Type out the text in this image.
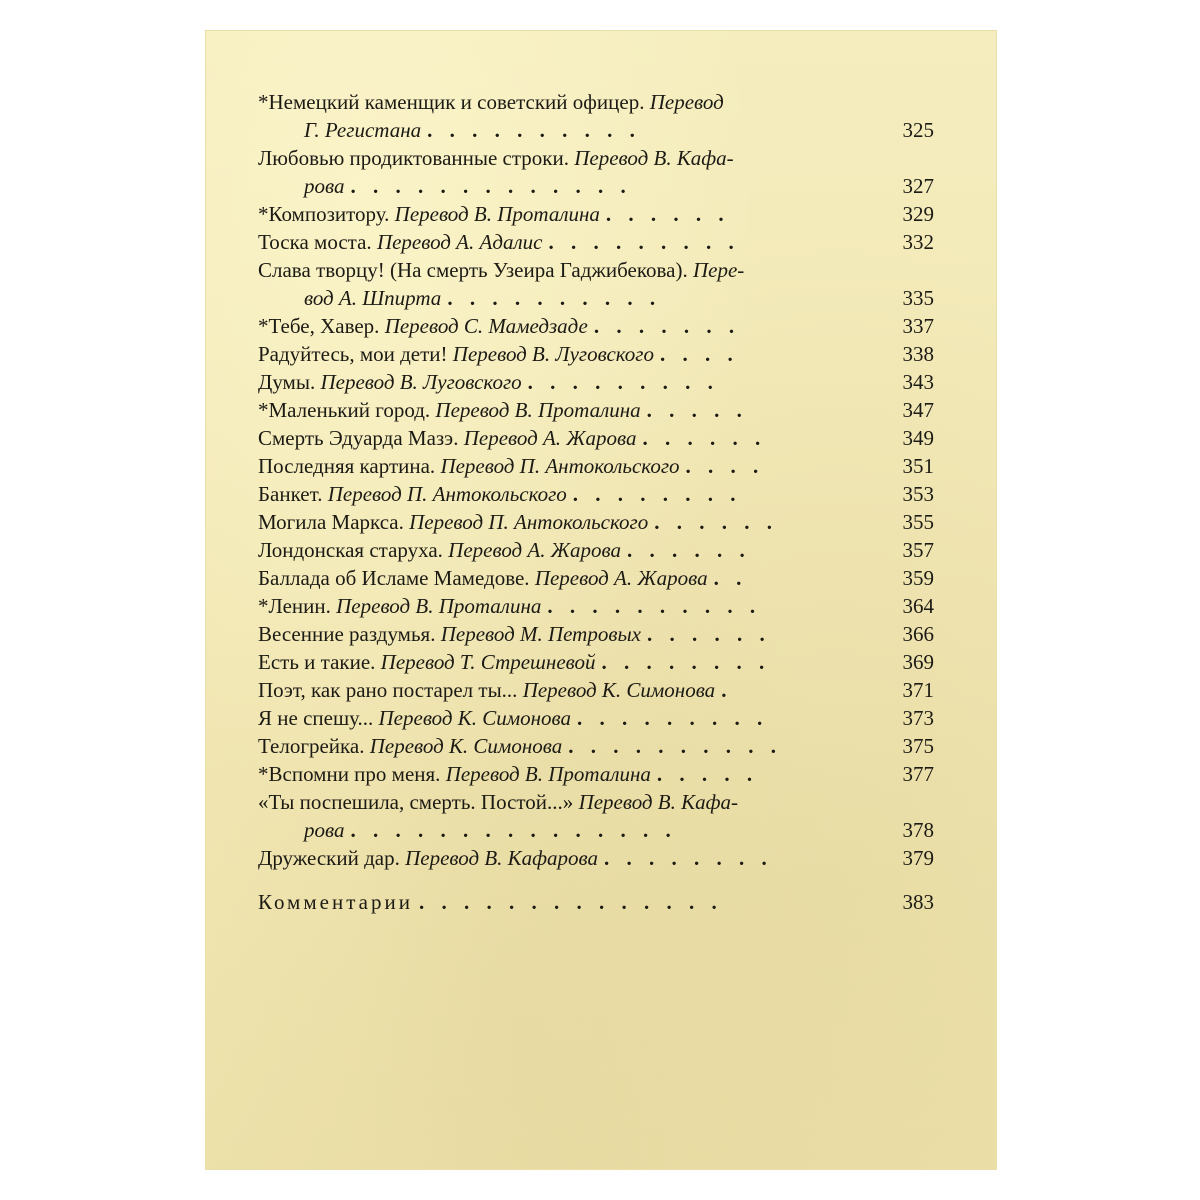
*Немецкий каменщик и советский офицер. Перевод
Г. Регистана . . . . . . . . . .	325
Любовью продиктованные строки. Перевод В. Кафа-
рова . . . . . . . . . . . . .	327
*Композитору. Перевод В. Проталина . . . . . .	329
Тоска моста. Перевод А. Адалис . . . . . . . . .	332
Слава творцу! (На смерть Узеира Гаджибекова). Пере-
вод А. Шпирта . . . . . . . . . .	335
*Тебе, Хавер. Перевод С. Мамедзаде . . . . . . .	337
Радуйтесь, мои дети! Перевод В. Луговского . . . .	338
Думы. Перевод В. Луговского . . . . . . . . .	343
*Маленький город. Перевод В. Проталина . . . . .	347
Смерть Эдуарда Мазэ. Перевод А. Жарова . . . . . .	349
Последняя картина. Перевод П. Антокольского . . . .	351
Банкет. Перевод П. Антокольского . . . . . . . .	353
Могила Маркса. Перевод П. Антокольского . . . . . .	355
Лондонская старуха. Перевод А. Жарова . . . . . .	357
Баллада об Исламе Мамедове. Перевод А. Жарова . .	359
*Ленин. Перевод В. Проталина . . . . . . . . . .	364
Весенние раздумья. Перевод М. Петровых . . . . . .	366
Есть и такие. Перевод Т. Стрешневой . . . . . . . .	369
Поэт, как рано постарел ты... Перевод К. Симонова .	371
Я не спешу... Перевод К. Симонова . . . . . . . . .	373
Телогрейка. Перевод К. Симонова . . . . . . . . . .	375
*Вспомни про меня. Перевод В. Проталина . . . . .	377
«Ты поспешила, смерть. Постой...» Перевод В. Кафа-
рова . . . . . . . . . . . . . . .	378
Дружеский дар. Перевод В. Кафарова . . . . . . . .	379
Комментарии . . . . . . . . . . . . . .	383
